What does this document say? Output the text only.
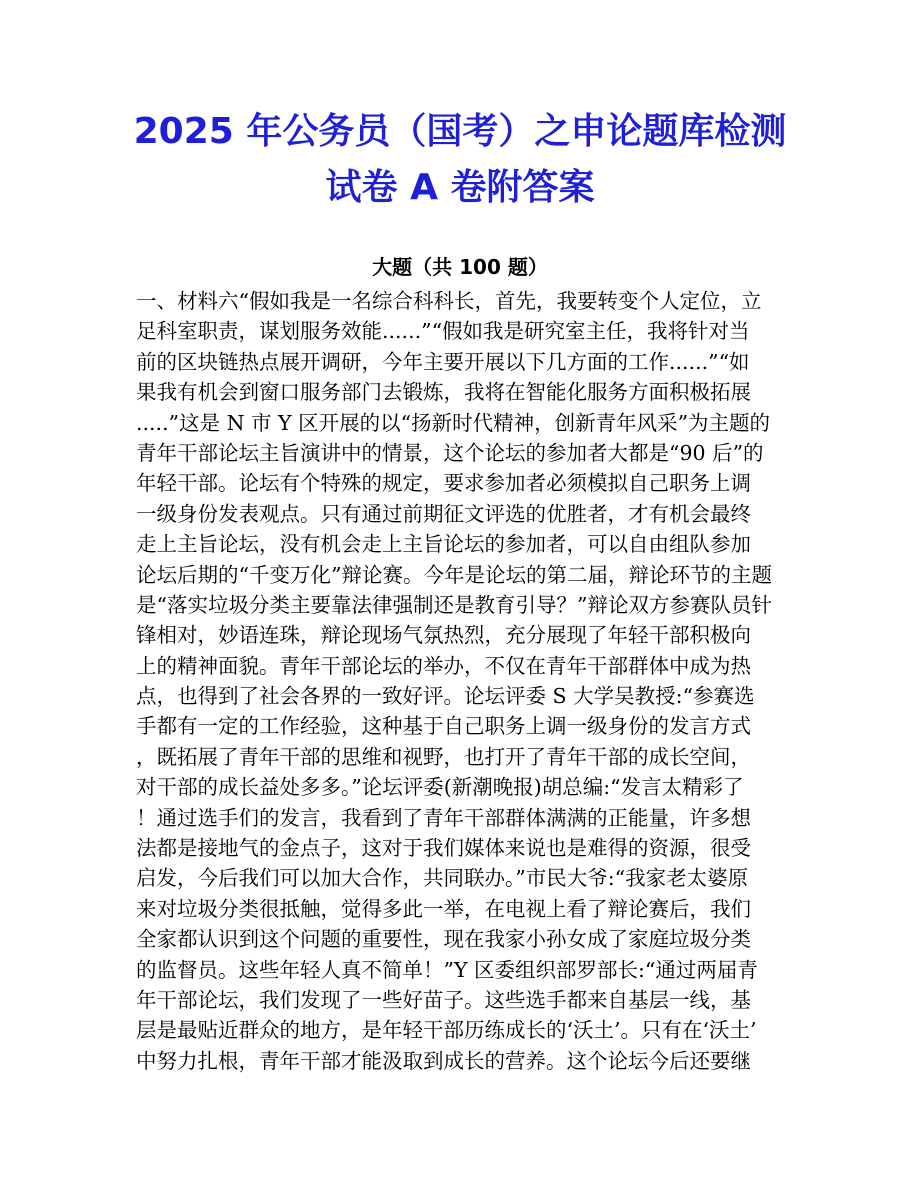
2025 年公务员（国考）之申论题库检测
试卷 A 卷附答案
大题（共 100 题）
一、材料六“假如我是一名综合科科长，首先，我要转变个人定位，立
足科室职责，谋划服务效能......”“假如我是研究室主任，我将针对当
前的区块链热点展开调研，今年主要开展以下几方面的工作......”“如
果我有机会到窗口服务部门去锻炼，我将在智能化服务方面积极拓展
.....”这是 N 市 Y 区开展的以“扬新时代精神，创新青年风采”为主题的
青年干部论坛主旨演讲中的情景，这个论坛的参加者大都是“90 后”的
年轻干部。论坛有个特殊的规定，要求参加者必须模拟自己职务上调
一级身份发表观点。只有通过前期征文评选的优胜者，才有机会最终
走上主旨论坛，没有机会走上主旨论坛的参加者，可以自由组队参加
论坛后期的“千变万化”辩论赛。今年是论坛的第二届，辩论环节的主题
是“落实垃圾分类主要靠法律强制还是教育引导？”辩论双方参赛队员针
锋相对，妙语连珠，辩论现场气氛热烈，充分展现了年轻干部积极向
上的精神面貌。青年干部论坛的举办，不仅在青年干部群体中成为热
点，也得到了社会各界的一致好评。论坛评委 S 大学吴教授:“参赛选
手都有一定的工作经验，这种基于自己职务上调一级身份的发言方式
，既拓展了青年干部的思维和视野，也打开了青年干部的成长空间，
对干部的成长益处多多。”论坛评委(新潮晚报)胡总编:“发言太精彩了
！通过选手们的发言，我看到了青年干部群体满满的正能量，许多想
法都是接地气的金点子，这对于我们媒体来说也是难得的资源，很受
启发，今后我们可以加大合作，共同联办。”市民大爷:“我家老太婆原
来对垃圾分类很抵触，觉得多此一举，在电视上看了辩论赛后，我们
全家都认识到这个问题的重要性，现在我家小孙女成了家庭垃圾分类
的监督员。这些年轻人真不简单！”Y 区委组织部罗部长:“通过两届青
年干部论坛，我们发现了一些好苗子。这些选手都来自基层一线，基
层是最贴近群众的地方，是年轻干部历练成长的‘沃土’。只有在‘沃土’
中努力扎根，青年干部才能汲取到成长的营养。这个论坛今后还要继
